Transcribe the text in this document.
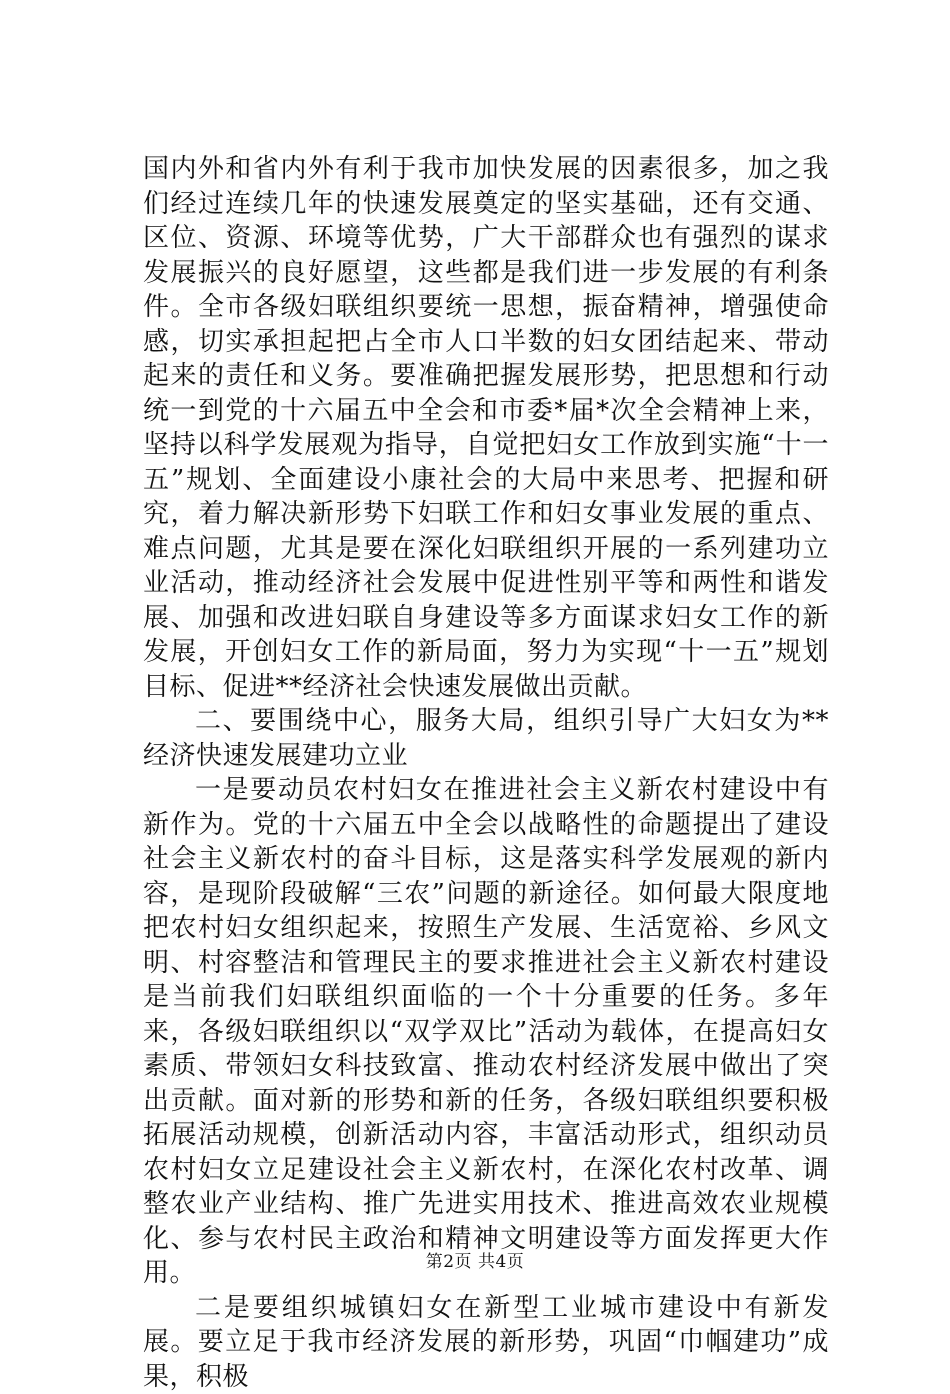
国内外和省内外有利于我市加快发展的因素很多，加之我们经过连续几年的快速发展奠定的坚实基础，还有交通、区位、资源、环境等优势，广大干部群众也有强烈的谋求发展振兴的良好愿望，这些都是我们进一步发展的有利条件。全市各级妇联组织要统一思想，振奋精神，增强使命感，切实承担起把占全市人口半数的妇女团结起来、带动起来的责任和义务。要准确把握发展形势，把思想和行动统一到党的十六届五中全会和市委*届*次全会精神上来，坚持以科学发展观为指导，自觉把妇女工作放到实施“十一五”规划、全面建设小康社会的大局中来思考、把握和研究，着力解决新形势下妇联工作和妇女事业发展的重点、难点问题，尤其是要在深化妇联组织开展的一系列建功立业活动，推动经济社会发展中促进性别平等和两性和谐发展、加强和改进妇联自身建设等多方面谋求妇女工作的新发展，开创妇女工作的新局面，努力为实现“十一五”规划目标、促进**经济社会快速发展做出贡献。

二、要围绕中心，服务大局，组织引导广大妇女为**经济快速发展建功立业

一是要动员农村妇女在推进社会主义新农村建设中有新作为。党的十六届五中全会以战略性的命题提出了建设社会主义新农村的奋斗目标，这是落实科学发展观的新内容，是现阶段破解“三农”问题的新途径。如何最大限度地把农村妇女组织起来，按照生产发展、生活宽裕、乡风文明、村容整洁和管理民主的要求推进社会主义新农村建设是当前我们妇联组织面临的一个十分重要的任务。多年来，各级妇联组织以“双学双比”活动为载体，在提高妇女素质、带领妇女科技致富、推动农村经济发展中做出了突出贡献。面对新的形势和新的任务，各级妇联组织要积极拓展活动规模，创新活动内容，丰富活动形式，组织动员农村妇女立足建设社会主义新农村，在深化农村改革、调整农业产业结构、推广先进实用技术、推进高效农业规模化、参与农村民主政治和精神文明建设等方面发挥更大作用。

二是要组织城镇妇女在新型工业城市建设中有新发展。要立足于我市经济发展的新形势，巩固“巾帼建功”成果，积极

第2页 共4页
